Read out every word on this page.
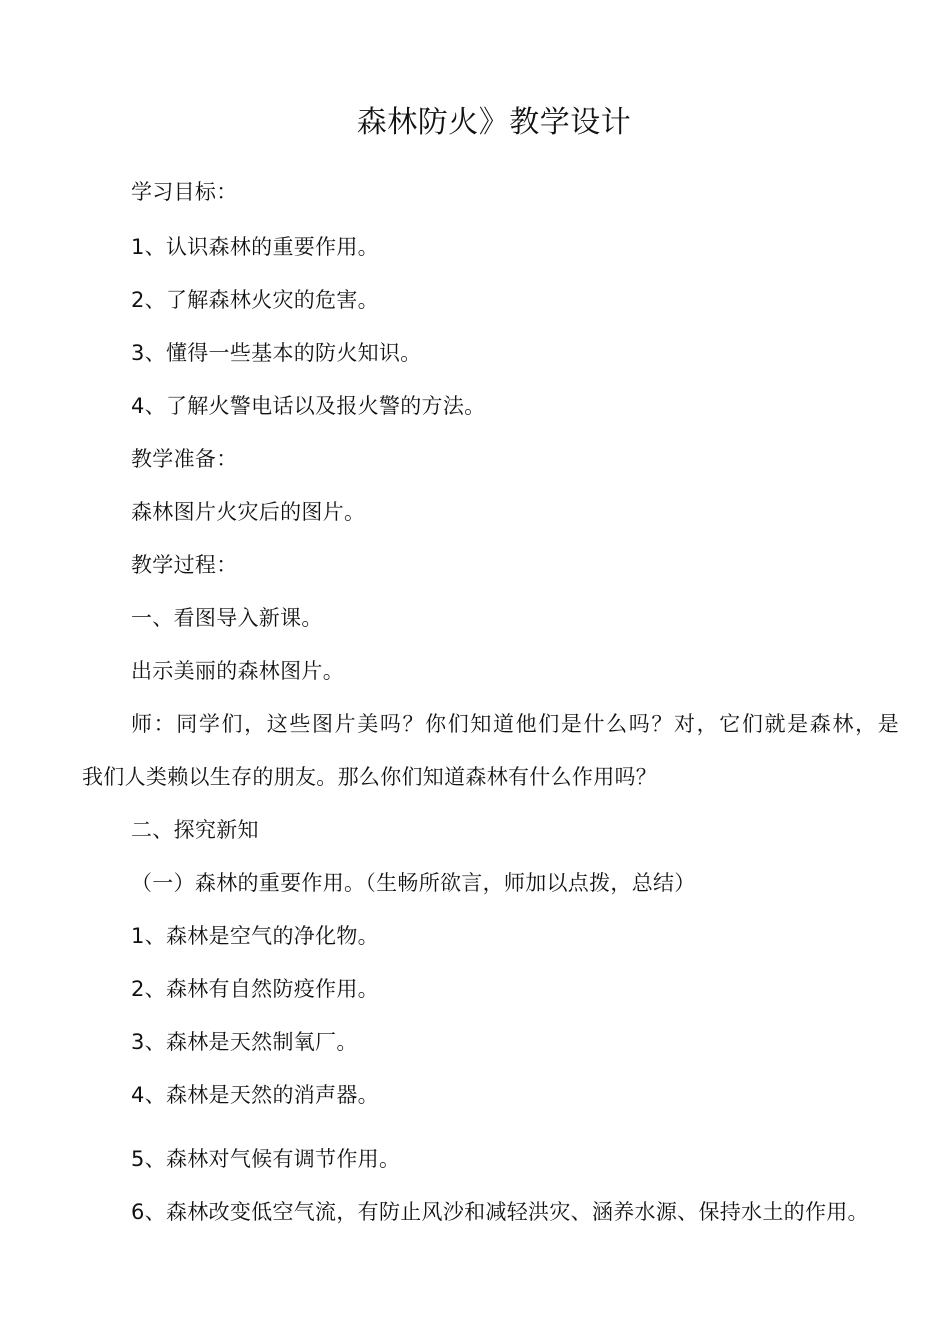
森林防火》教学设计
学习目标：
1、认识森林的重要作用。
2、了解森林火灾的危害。
3、懂得一些基本的防火知识。
4、了解火警电话以及报火警的方法。
教学准备：
森林图片火灾后的图片。
教学过程：
一、看图导入新课。
出示美丽的森林图片。
师：同学们，这些图片美吗？你们知道他们是什么吗？对，它们就是森林，是
我们人类赖以生存的朋友。那么你们知道森林有什么作用吗？
二、探究新知
（一）森林的重要作用。（生畅所欲言，师加以点拨，总结）
1、森林是空气的净化物。
2、森林有自然防疫作用。
3、森林是天然制氧厂。
4、森林是天然的消声器。
5、森林对气候有调节作用。
6、森林改变低空气流，有防止风沙和减轻洪灾、涵养水源、保持水土的作用。
